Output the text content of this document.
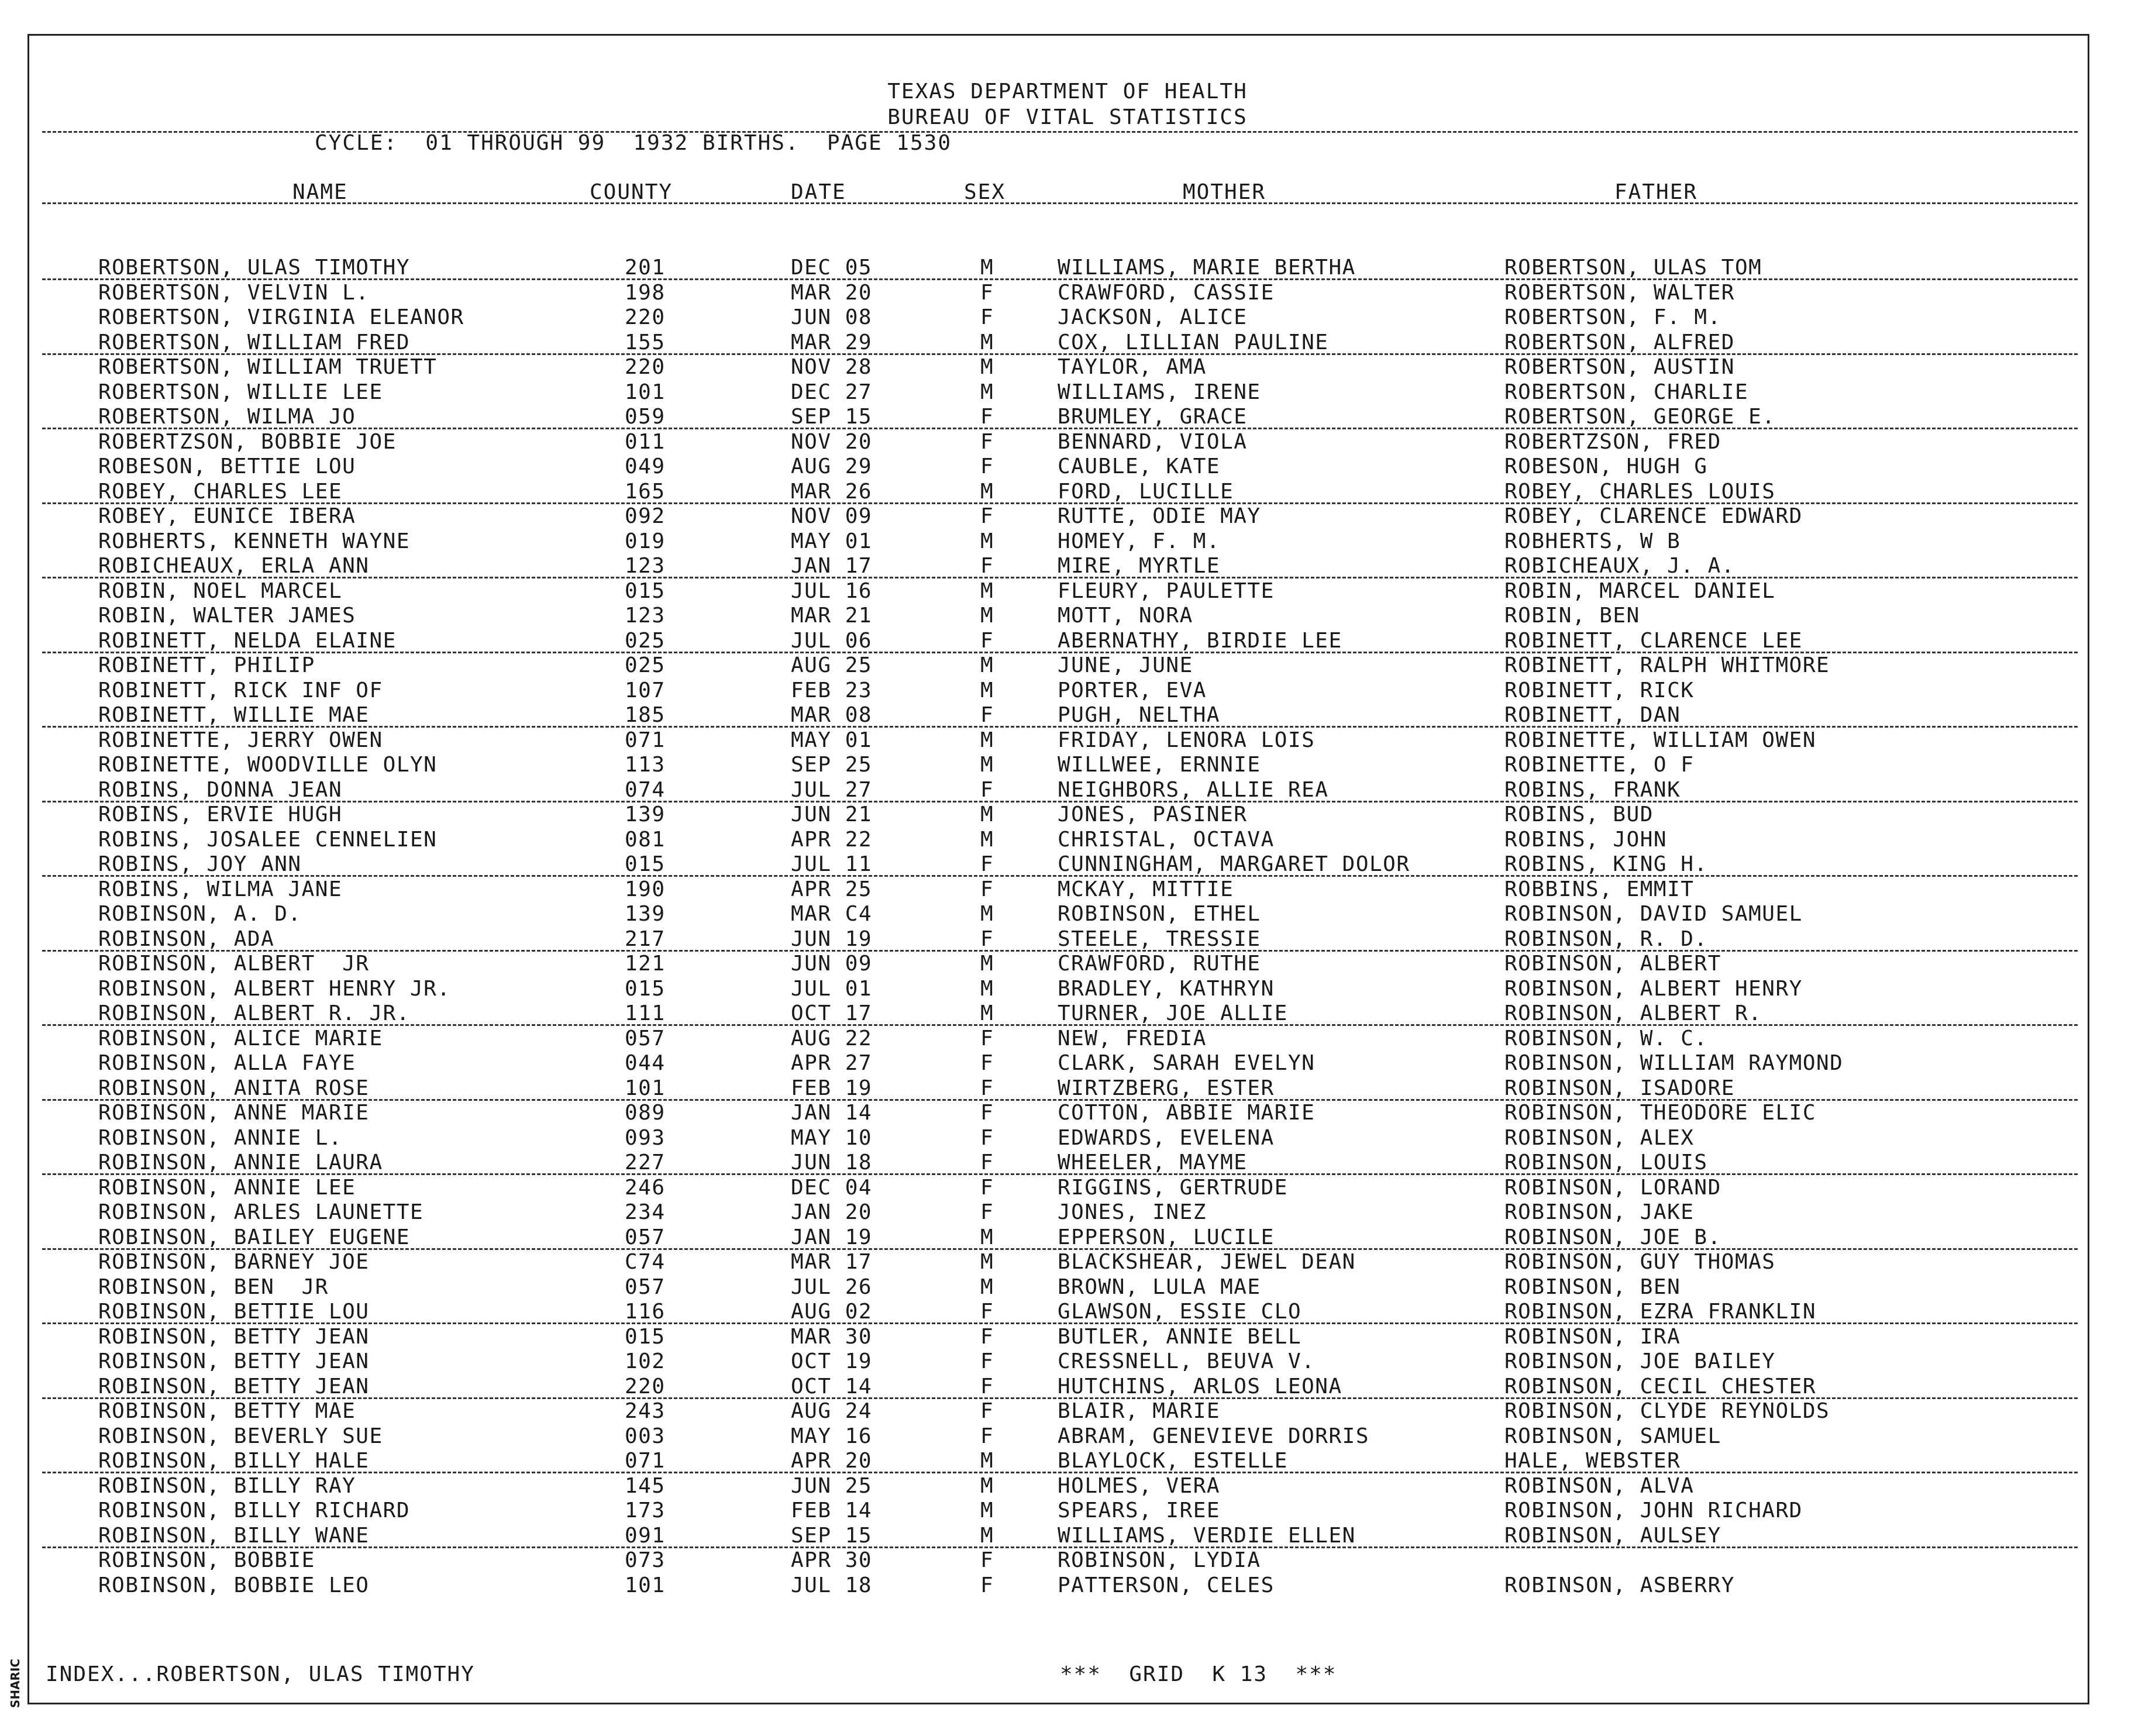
SHARIC
TEXAS DEPARTMENT OF HEALTH
BUREAU OF VITAL STATISTICS
CYCLE:  01 THROUGH 99  1932 BIRTHS.  PAGE 1530
NAME	COUNTY	DATE	SEX	MOTHER	FATHER
ROBERTSON, ULAS TIMOTHY	201	DEC 05	M	WILLIAMS, MARIE BERTHA	ROBERTSON, ULAS TOM
ROBERTSON, VELVIN L.	198	MAR 20	F	CRAWFORD, CASSIE	ROBERTSON, WALTER
ROBERTSON, VIRGINIA ELEANOR	220	JUN 08	F	JACKSON, ALICE	ROBERTSON, F. M.
ROBERTSON, WILLIAM FRED	155	MAR 29	M	COX, LILLIAN PAULINE	ROBERTSON, ALFRED
ROBERTSON, WILLIAM TRUETT	220	NOV 28	M	TAYLOR, AMA	ROBERTSON, AUSTIN
ROBERTSON, WILLIE LEE	101	DEC 27	M	WILLIAMS, IRENE	ROBERTSON, CHARLIE
ROBERTSON, WILMA JO	059	SEP 15	F	BRUMLEY, GRACE	ROBERTSON, GEORGE E.
ROBERTZSON, BOBBIE JOE	011	NOV 20	F	BENNARD, VIOLA	ROBERTZSON, FRED
ROBESON, BETTIE LOU	049	AUG 29	F	CAUBLE, KATE	ROBESON, HUGH G
ROBEY, CHARLES LEE	165	MAR 26	M	FORD, LUCILLE	ROBEY, CHARLES LOUIS
ROBEY, EUNICE IBERA	092	NOV 09	F	RUTTE, ODIE MAY	ROBEY, CLARENCE EDWARD
ROBHERTS, KENNETH WAYNE	019	MAY 01	M	HOMEY, F. M.	ROBHERTS, W B
ROBICHEAUX, ERLA ANN	123	JAN 17	F	MIRE, MYRTLE	ROBICHEAUX, J. A.
ROBIN, NOEL MARCEL	015	JUL 16	M	FLEURY, PAULETTE	ROBIN, MARCEL DANIEL
ROBIN, WALTER JAMES	123	MAR 21	M	MOTT, NORA	ROBIN, BEN
ROBINETT, NELDA ELAINE	025	JUL 06	F	ABERNATHY, BIRDIE LEE	ROBINETT, CLARENCE LEE
ROBINETT, PHILIP	025	AUG 25	M	JUNE, JUNE	ROBINETT, RALPH WHITMORE
ROBINETT, RICK INF OF	107	FEB 23	M	PORTER, EVA	ROBINETT, RICK
ROBINETT, WILLIE MAE	185	MAR 08	F	PUGH, NELTHA	ROBINETT, DAN
ROBINETTE, JERRY OWEN	071	MAY 01	M	FRIDAY, LENORA LOIS	ROBINETTE, WILLIAM OWEN
ROBINETTE, WOODVILLE OLYN	113	SEP 25	M	WILLWEE, ERNNIE	ROBINETTE, O F
ROBINS, DONNA JEAN	074	JUL 27	F	NEIGHBORS, ALLIE REA	ROBINS, FRANK
ROBINS, ERVIE HUGH	139	JUN 21	M	JONES, PASINER	ROBINS, BUD
ROBINS, JOSALEE CENNELIEN	081	APR 22	M	CHRISTAL, OCTAVA	ROBINS, JOHN
ROBINS, JOY ANN	015	JUL 11	F	CUNNINGHAM, MARGARET DOLOR	ROBINS, KING H.
ROBINS, WILMA JANE	190	APR 25	F	MCKAY, MITTIE	ROBBINS, EMMIT
ROBINSON, A. D.	139	MAR C4	M	ROBINSON, ETHEL	ROBINSON, DAVID SAMUEL
ROBINSON, ADA	217	JUN 19	F	STEELE, TRESSIE	ROBINSON, R. D.
ROBINSON, ALBERT  JR	121	JUN 09	M	CRAWFORD, RUTHE	ROBINSON, ALBERT
ROBINSON, ALBERT HENRY JR.	015	JUL 01	M	BRADLEY, KATHRYN	ROBINSON, ALBERT HENRY
ROBINSON, ALBERT R. JR.	111	OCT 17	M	TURNER, JOE ALLIE	ROBINSON, ALBERT R.
ROBINSON, ALICE MARIE	057	AUG 22	F	NEW, FREDIA	ROBINSON, W. C.
ROBINSON, ALLA FAYE	044	APR 27	F	CLARK, SARAH EVELYN	ROBINSON, WILLIAM RAYMOND
ROBINSON, ANITA ROSE	101	FEB 19	F	WIRTZBERG, ESTER	ROBINSON, ISADORE
ROBINSON, ANNE MARIE	089	JAN 14	F	COTTON, ABBIE MARIE	ROBINSON, THEODORE ELIC
ROBINSON, ANNIE L.	093	MAY 10	F	EDWARDS, EVELENA	ROBINSON, ALEX
ROBINSON, ANNIE LAURA	227	JUN 18	F	WHEELER, MAYME	ROBINSON, LOUIS
ROBINSON, ANNIE LEE	246	DEC 04	F	RIGGINS, GERTRUDE	ROBINSON, LORAND
ROBINSON, ARLES LAUNETTE	234	JAN 20	F	JONES, INEZ	ROBINSON, JAKE
ROBINSON, BAILEY EUGENE	057	JAN 19	M	EPPERSON, LUCILE	ROBINSON, JOE B.
ROBINSON, BARNEY JOE	C74	MAR 17	M	BLACKSHEAR, JEWEL DEAN	ROBINSON, GUY THOMAS
ROBINSON, BEN  JR	057	JUL 26	M	BROWN, LULA MAE	ROBINSON, BEN
ROBINSON, BETTIE LOU	116	AUG 02	F	GLAWSON, ESSIE CLO	ROBINSON, EZRA FRANKLIN
ROBINSON, BETTY JEAN	015	MAR 30	F	BUTLER, ANNIE BELL	ROBINSON, IRA
ROBINSON, BETTY JEAN	102	OCT 19	F	CRESSNELL, BEUVA V.	ROBINSON, JOE BAILEY
ROBINSON, BETTY JEAN	220	OCT 14	F	HUTCHINS, ARLOS LEONA	ROBINSON, CECIL CHESTER
ROBINSON, BETTY MAE	243	AUG 24	F	BLAIR, MARIE	ROBINSON, CLYDE REYNOLDS
ROBINSON, BEVERLY SUE	003	MAY 16	F	ABRAM, GENEVIEVE DORRIS	ROBINSON, SAMUEL
ROBINSON, BILLY HALE	071	APR 20	M	BLAYLOCK, ESTELLE	HALE, WEBSTER
ROBINSON, BILLY RAY	145	JUN 25	M	HOLMES, VERA	ROBINSON, ALVA
ROBINSON, BILLY RICHARD	173	FEB 14	M	SPEARS, IREE	ROBINSON, JOHN RICHARD
ROBINSON, BILLY WANE	091	SEP 15	M	WILLIAMS, VERDIE ELLEN	ROBINSON, AULSEY
ROBINSON, BOBBIE	073	APR 30	F	ROBINSON, LYDIA
ROBINSON, BOBBIE LEO	101	JUL 18	F	PATTERSON, CELES	ROBINSON, ASBERRY
INDEX...ROBERTSON, ULAS TIMOTHY	***  GRID  K 13  ***
